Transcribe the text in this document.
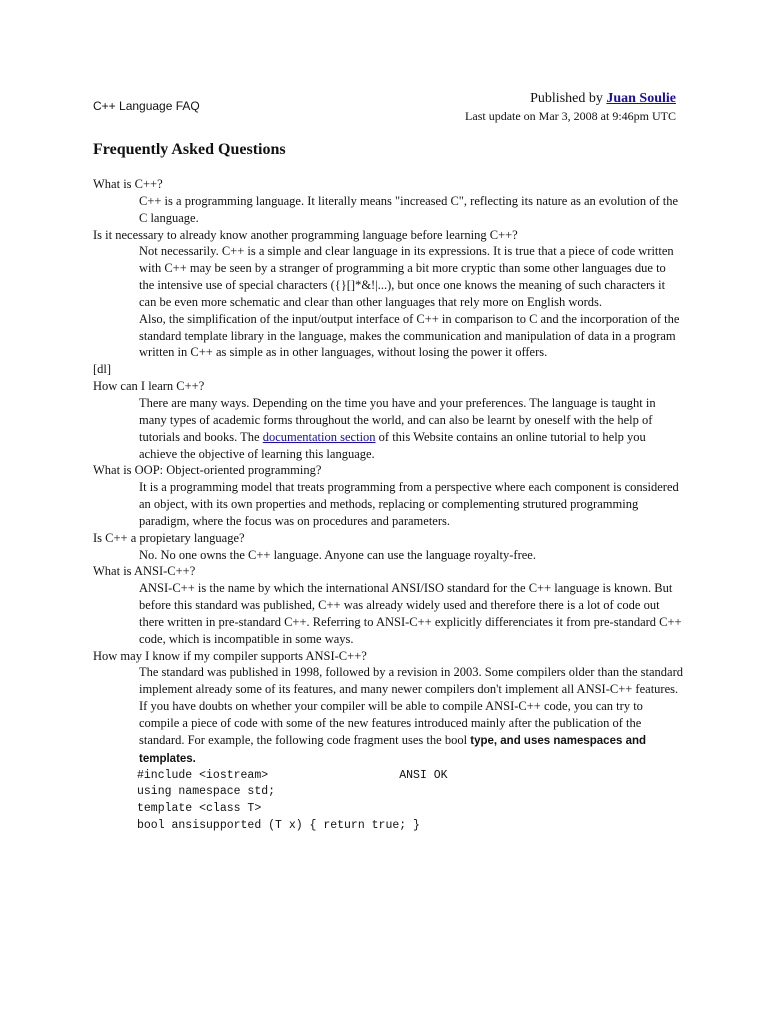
C++ Language FAQ	Published by Juan Soulie
Last update on Mar 3, 2008 at 9:46pm UTC
Frequently Asked Questions

What is C++?

C++ is a programming language. It literally means "increased C", reflecting its nature as an evolution of the C language.

Is it necessary to already know another programming language before learning C++?

Not necessarily. C++ is a simple and clear language in its expressions. It is true that a piece of code written with C++ may be seen by a stranger of programming a bit more cryptic than some other languages due to the intensive use of special characters ({}[]*&!|...), but once one knows the meaning of such characters it can be even more schematic and clear than other languages that rely more on English words.

Also, the simplification of the input/output interface of C++ in comparison to C and the incorporation of the standard template library in the language, makes the communication and manipulation of data in a program written in C++ as simple as in other languages, without losing the power it offers.

[dl]

How can I learn C++?

There are many ways. Depending on the time you have and your preferences. The language is taught in many types of academic forms throughout the world, and can also be learnt by oneself with the help of tutorials and books. The documentation section of this Website contains an online tutorial to help you achieve the objective of learning this language.

What is OOP: Object-oriented programming?

It is a programming model that treats programming from a perspective where each component is considered an object, with its own properties and methods, replacing or complementing strutured programming paradigm, where the focus was on procedures and parameters.

Is C++ a propietary language?

No. No one owns the C++ language. Anyone can use the language royalty-free.

What is ANSI-C++?

ANSI-C++ is the name by which the international ANSI/ISO standard for the C++ language is known. But before this standard was published, C++ was already widely used and therefore there is a lot of code out there written in pre-standard C++. Referring to ANSI-C++ explicitly differenciates it from pre-standard C++ code, which is incompatible in some ways.

How may I know if my compiler supports ANSI-C++?

The standard was published in 1998, followed by a revision in 2003. Some compilers older than the standard implement already some of its features, and many newer compilers don't implement all ANSI-C++ features. If you have doubts on whether your compiler will be able to compile ANSI-C++ code, you can try to compile a piece of code with some of the new features introduced mainly after the publication of the standard. For example, the following code fragment uses the bool type, and uses namespaces and templates.

#include <iostream>                   ANSI OK
using namespace std;
template <class T>
bool ansisupported (T x) { return true; }
